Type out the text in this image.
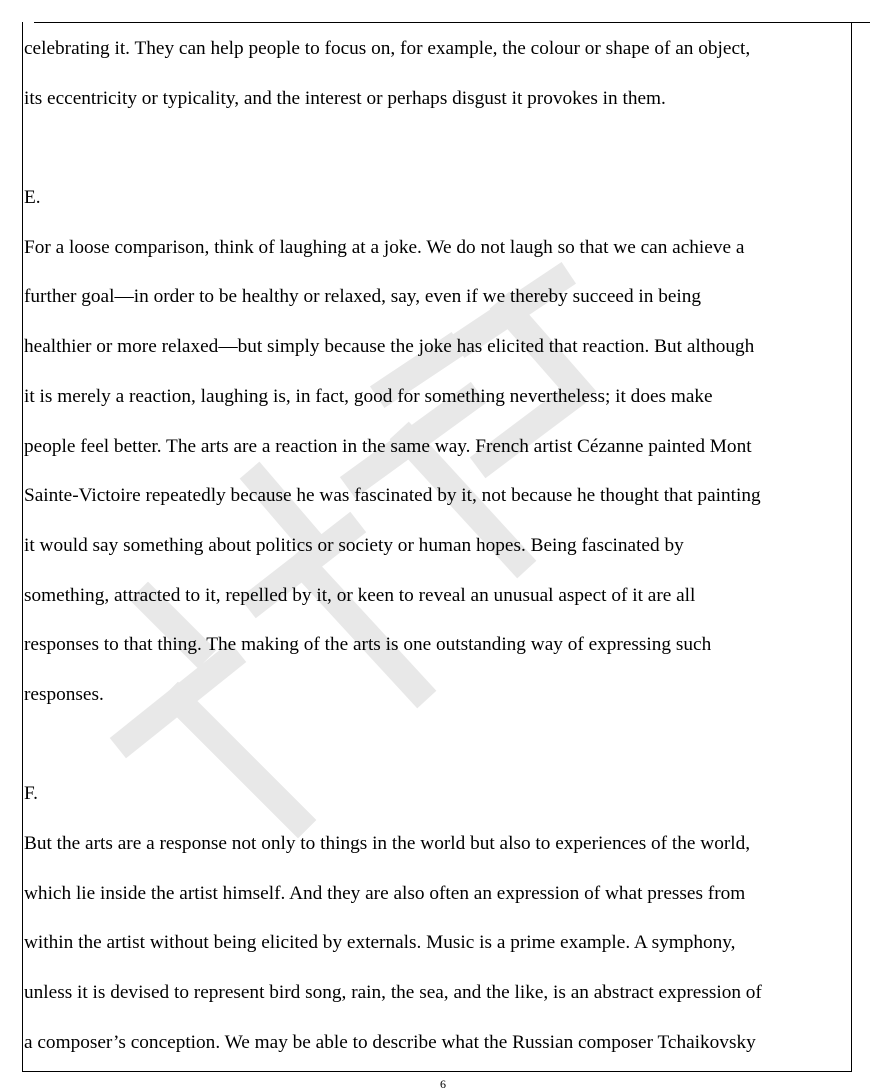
celebrating it. They can help people to focus on, for example, the colour or shape of an object,
its eccentricity or typicality, and the interest or perhaps disgust it provokes in them.
E.
For a loose comparison, think of laughing at a joke. We do not laugh so that we can achieve a
further goal—in order to be healthy or relaxed, say, even if we thereby succeed in being
healthier or more relaxed—but simply because the joke has elicited that reaction. But although
it is merely a reaction, laughing is, in fact, good for something nevertheless; it does make
people feel better. The arts are a reaction in the same way. French artist Cézanne painted Mont
Sainte-Victoire repeatedly because he was fascinated by it, not because he thought that painting
it would say something about politics or society or human hopes. Being fascinated by
something, attracted to it, repelled by it, or keen to reveal an unusual aspect of it are all
responses to that thing. The making of the arts is one outstanding way of expressing such
responses.
F.
But the arts are a response not only to things in the world but also to experiences of the world,
which lie inside the artist himself. And they are also often an expression of what presses from
within the artist without being elicited by externals. Music is a prime example. A symphony,
unless it is devised to represent bird song, rain, the sea, and the like, is an abstract expression of
a composer’s conception. We may be able to describe what the Russian composer Tchaikovsky
6
